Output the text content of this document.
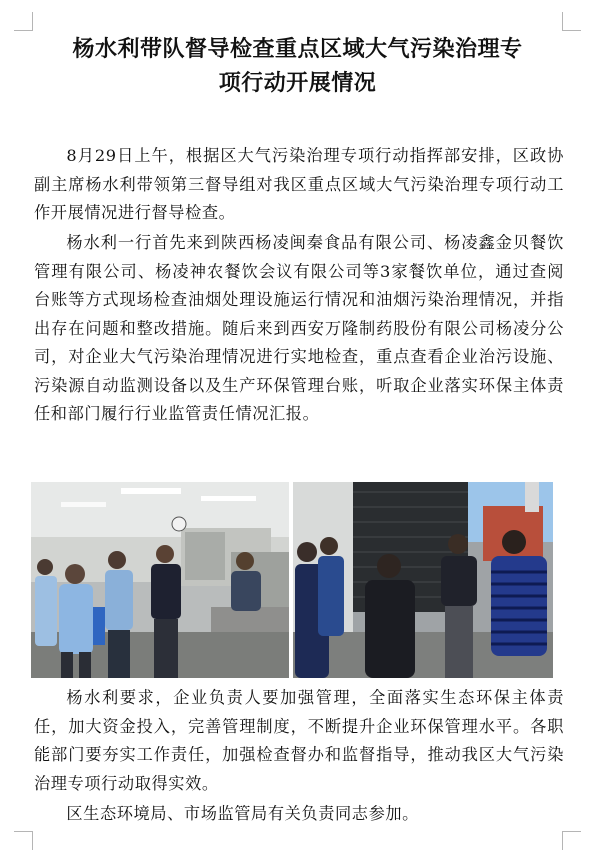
杨水利带队督导检查重点区域大气污染治理专
项行动开展情况

8月29日上午，根据区大气污染治理专项行动指挥部安排，区政协副主席杨水利带领第三督导组对我区重点区域大气污染治理专项行动工作开展情况进行督导检查。

杨水利一行首先来到陕西杨凌闽秦食品有限公司、杨凌鑫金贝餐饮管理有限公司、杨凌神农餐饮会议有限公司等3家餐饮单位，通过查阅台账等方式现场检查油烟处理设施运行情况和油烟污染治理情况，并指出存在问题和整改措施。随后来到西安万隆制药股份有限公司杨凌分公司，对企业大气污染治理情况进行实地检查，重点查看企业治污设施、污染源自动监测设备以及生产环保管理台账，听取企业落实环保主体责任和部门履行行业监管责任情况汇报。

杨水利要求，企业负责人要加强管理，全面落实生态环保主体责任，加大资金投入，完善管理制度，不断提升企业环保管理水平。各职能部门要夯实工作责任，加强检查督办和监督指导，推动我区大气污染治理专项行动取得实效。

区生态环境局、市场监管局有关负责同志参加。
